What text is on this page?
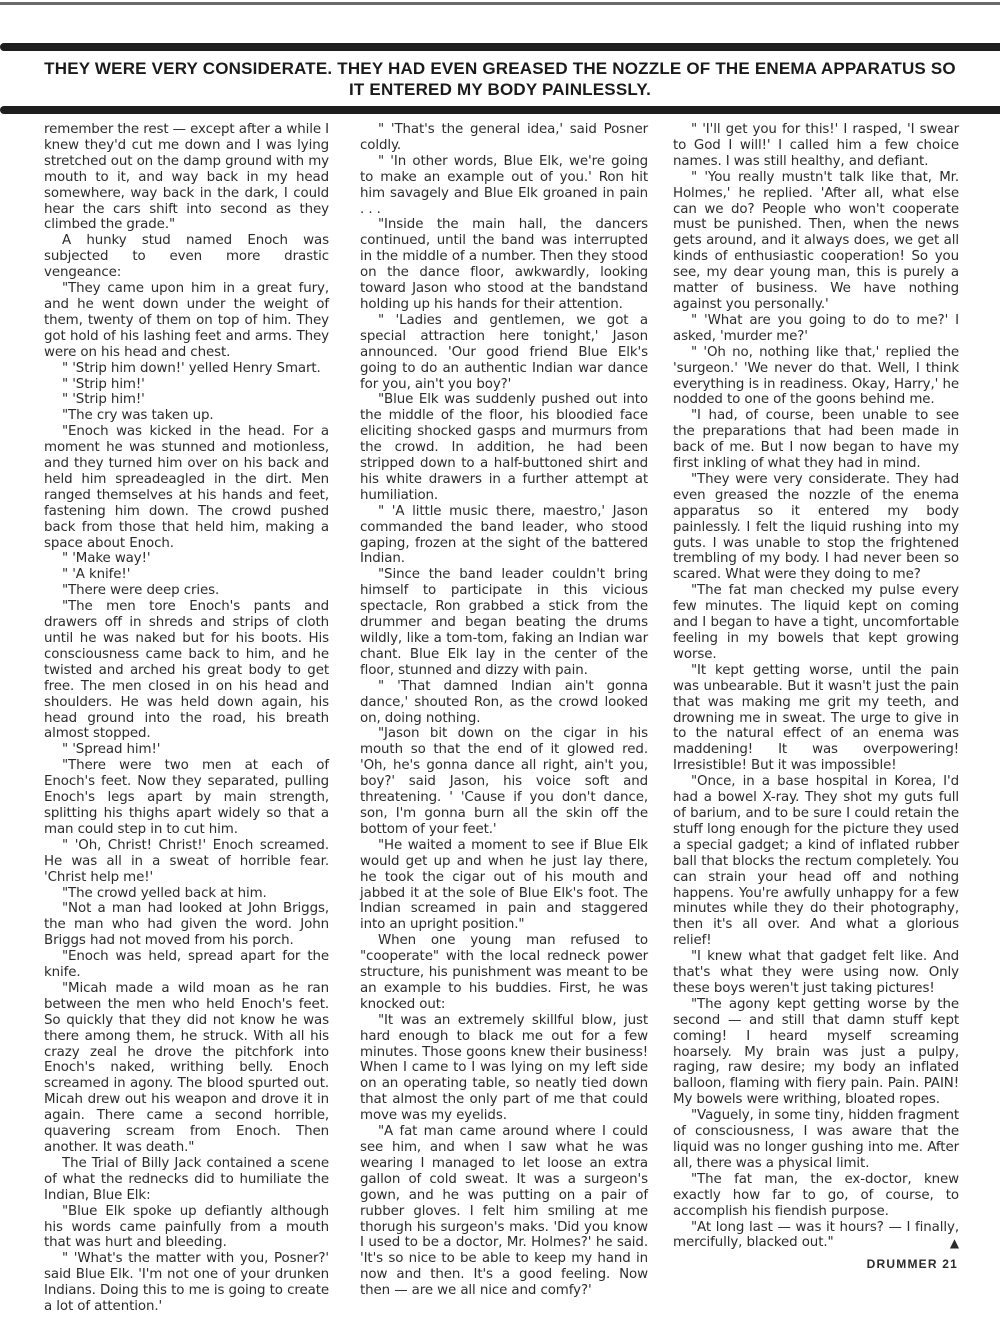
THEY WERE VERY CONSIDERATE. THEY HAD EVEN GREASED THE NOZZLE OF THE ENEMA APPARATUS SO IT ENTERED MY BODY PAINLESSLY.

remember the rest — except after a while I knew they'd cut me down and I was lying stretched out on the damp ground with my mouth to it, and way back in my head somewhere, way back in the dark, I could hear the cars shift into second as they climbed the grade."

A hunky stud named Enoch was subjected to even more drastic vengeance:

"They came upon him in a great fury, and he went down under the weight of them, twenty of them on top of him. They got hold of his lashing feet and arms. They were on his head and chest.

" 'Strip him down!' yelled Henry Smart.

" 'Strip him!'

" 'Strip him!'

"The cry was taken up.

"Enoch was kicked in the head. For a moment he was stunned and motionless, and they turned him over on his back and held him spreadeagled in the dirt. Men ranged themselves at his hands and feet, fastening him down. The crowd pushed back from those that held him, making a space about Enoch.

" 'Make way!'

" 'A knife!'

"There were deep cries.

"The men tore Enoch's pants and drawers off in shreds and strips of cloth until he was naked but for his boots. His consciousness came back to him, and he twisted and arched his great body to get free. The men closed in on his head and shoulders. He was held down again, his head ground into the road, his breath almost stopped.

" 'Spread him!'

"There were two men at each of Enoch's feet. Now they separated, pulling Enoch's legs apart by main strength, splitting his thighs apart widely so that a man could step in to cut him.

" 'Oh, Christ! Christ!' Enoch screamed. He was all in a sweat of horrible fear. 'Christ help me!'

"The crowd yelled back at him.

"Not a man had looked at John Briggs, the man who had given the word. John Briggs had not moved from his porch.

"Enoch was held, spread apart for the knife.

"Micah made a wild moan as he ran between the men who held Enoch's feet. So quickly that they did not know he was there among them, he struck. With all his crazy zeal he drove the pitchfork into Enoch's naked, writhing belly. Enoch screamed in agony. The blood spurted out. Micah drew out his weapon and drove it in again. There came a second horrible, quavering scream from Enoch. Then another. It was death."

The Trial of Billy Jack contained a scene of what the rednecks did to humiliate the Indian, Blue Elk:

"Blue Elk spoke up defiantly although his words came painfully from a mouth that was hurt and bleeding.

" 'What's the matter with you, Posner?' said Blue Elk. 'I'm not one of your drunken Indians. Doing this to me is going to create a lot of attention.'

" 'That's the general idea,' said Posner coldly.

" 'In other words, Blue Elk, we're going to make an example out of you.' Ron hit him savagely and Blue Elk groaned in pain . . .

"Inside the main hall, the dancers continued, until the band was interrupted in the middle of a number. Then they stood on the dance floor, awkwardly, looking toward Jason who stood at the bandstand holding up his hands for their attention.

" 'Ladies and gentlemen, we got a special attraction here tonight,' Jason announced. 'Our good friend Blue Elk's going to do an authentic Indian war dance for you, ain't you boy?'

"Blue Elk was suddenly pushed out into the middle of the floor, his bloodied face eliciting shocked gasps and murmurs from the crowd. In addition, he had been stripped down to a half-buttoned shirt and his white drawers in a further attempt at humiliation.

" 'A little music there, maestro,' Jason commanded the band leader, who stood gaping, frozen at the sight of the battered Indian.

"Since the band leader couldn't bring himself to participate in this vicious spectacle, Ron grabbed a stick from the drummer and began beating the drums wildly, like a tom-tom, faking an Indian war chant. Blue Elk lay in the center of the floor, stunned and dizzy with pain.

" 'That damned Indian ain't gonna dance,' shouted Ron, as the crowd looked on, doing nothing.

"Jason bit down on the cigar in his mouth so that the end of it glowed red. 'Oh, he's gonna dance all right, ain't you, boy?' said Jason, his voice soft and threatening. ' 'Cause if you don't dance, son, I'm gonna burn all the skin off the bottom of your feet.'

"He waited a moment to see if Blue Elk would get up and when he just lay there, he took the cigar out of his mouth and jabbed it at the sole of Blue Elk's foot. The Indian screamed in pain and staggered into an upright position."

When one young man refused to "cooperate" with the local redneck power structure, his punishment was meant to be an example to his buddies. First, he was knocked out:

"It was an extremely skillful blow, just hard enough to black me out for a few minutes. Those goons knew their business! When I came to I was lying on my left side on an operating table, so neatly tied down that almost the only part of me that could move was my eyelids.

"A fat man came around where I could see him, and when I saw what he was wearing I managed to let loose an extra gallon of cold sweat. It was a surgeon's gown, and he was putting on a pair of rubber gloves. I felt him smiling at me thorugh his surgeon's maks. 'Did you know I used to be a doctor, Mr. Holmes?' he said. 'It's so nice to be able to keep my hand in now and then. It's a good feeling. Now then — are we all nice and comfy?'

" 'I'll get you for this!' I rasped, 'I swear to God I will!' I called him a few choice names. I was still healthy, and defiant.

" 'You really mustn't talk like that, Mr. Holmes,' he replied. 'After all, what else can we do? People who won't cooperate must be punished. Then, when the news gets around, and it always does, we get all kinds of enthusiastic cooperation! So you see, my dear young man, this is purely a matter of business. We have nothing against you personally.'

" 'What are you going to do to me?' I asked, 'murder me?'

" 'Oh no, nothing like that,' replied the 'surgeon.' 'We never do that. Well, I think everything is in readiness. Okay, Harry,' he nodded to one of the goons behind me.

"I had, of course, been unable to see the preparations that had been made in back of me. But I now began to have my first inkling of what they had in mind.

"They were very considerate. They had even greased the nozzle of the enema apparatus so it entered my body painlessly. I felt the liquid rushing into my guts. I was unable to stop the frightened trembling of my body. I had never been so scared. What were they doing to me?

"The fat man checked my pulse every few minutes. The liquid kept on coming and I began to have a tight, uncomfortable feeling in my bowels that kept growing worse.

"It kept getting worse, until the pain was unbearable. But it wasn't just the pain that was making me grit my teeth, and drowning me in sweat. The urge to give in to the natural effect of an enema was maddening! It was overpowering! Irresistible! But it was impossible!

"Once, in a base hospital in Korea, I'd had a bowel X-ray. They shot my guts full of barium, and to be sure I could retain the stuff long enough for the picture they used a special gadget; a kind of inflated rubber ball that blocks the rectum completely. You can strain your head off and nothing happens. You're awfully unhappy for a few minutes while they do their photography, then it's all over. And what a glorious relief!

"I knew what that gadget felt like. And that's what they were using now. Only these boys weren't just taking pictures!

"The agony kept getting worse by the second — and still that damn stuff kept coming! I heard myself screaming hoarsely. My brain was just a pulpy, raging, raw desire; my body an inflated balloon, flaming with fiery pain. Pain. PAIN! My bowels were writhing, bloated ropes.

"Vaguely, in some tiny, hidden fragment of consciousness, I was aware that the liquid was no longer gushing into me. After all, there was a physical limit.

"The fat man, the ex-doctor, knew exactly how far to go, of course, to accomplish his fiendish purpose.

"At long last — was it hours? — I finally, mercifully, blacked out."	▲

DRUMMER 21
